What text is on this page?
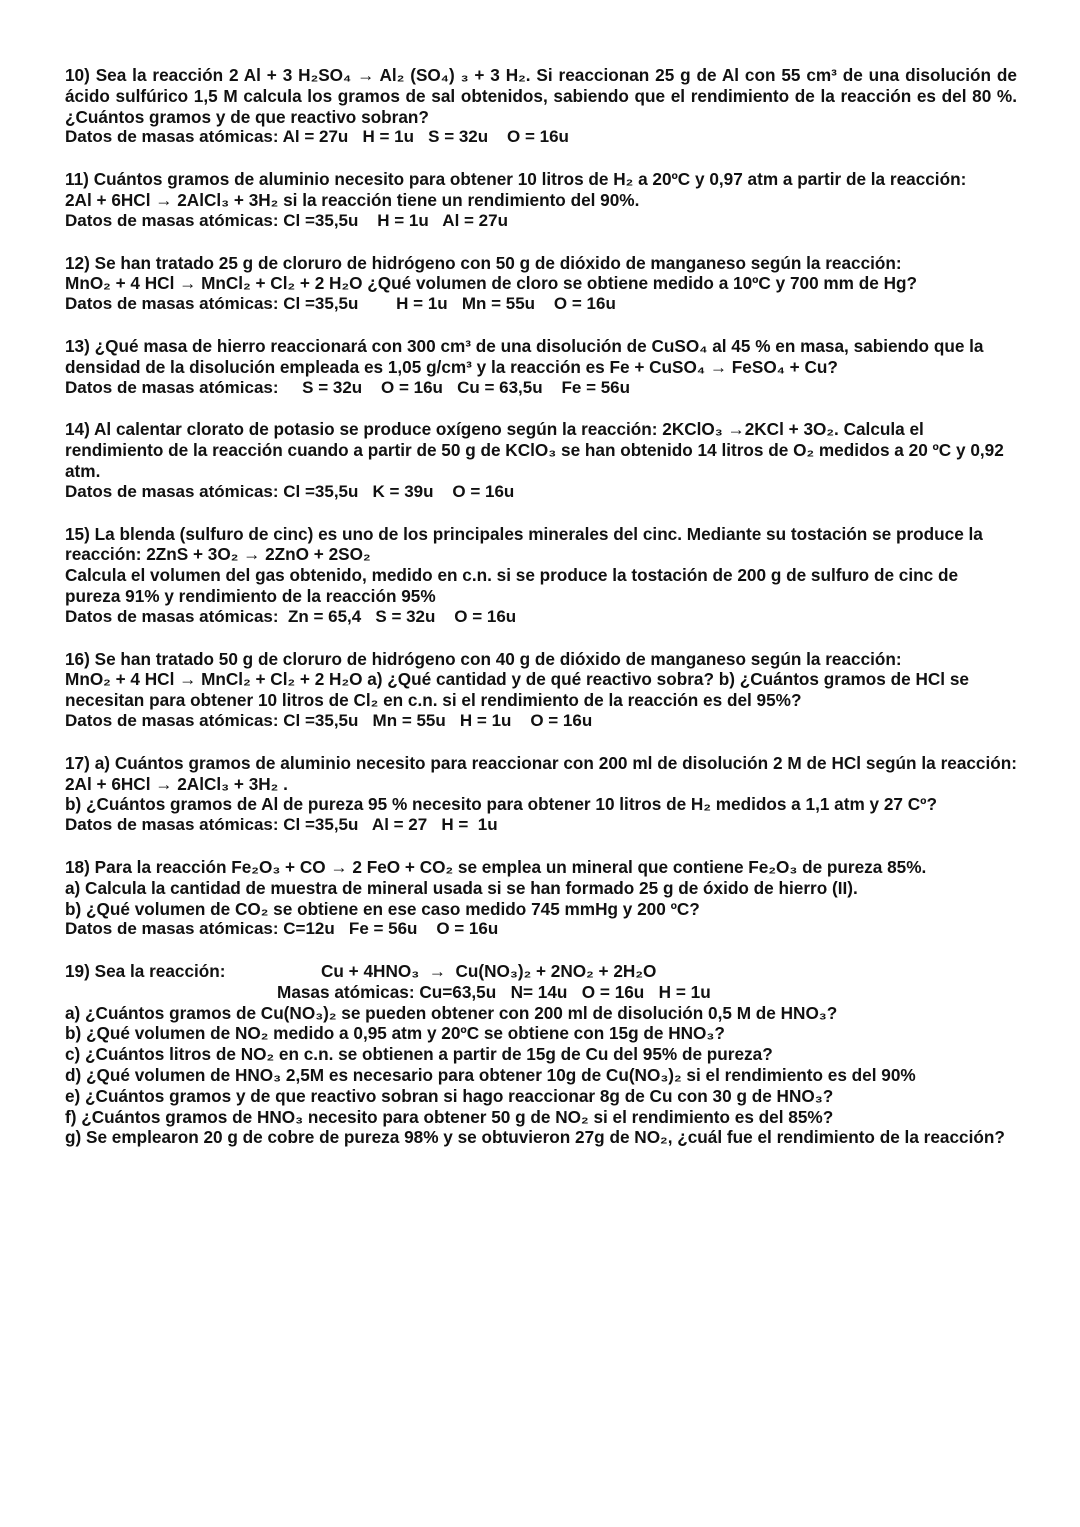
10) Sea la reacción 2 Al + 3 H₂SO₄ → Al₂ (SO₄) ₃ + 3 H₂. Si reaccionan 25 g de Al con 55 cm³ de una disolución de ácido sulfúrico 1,5 M calcula los gramos de sal obtenidos, sabiendo que el rendimiento de la reacción es del 80 %. ¿Cuántos gramos y de que reactivo sobran?

Datos de masas atómicas: Al = 27u   H = 1u   S = 32u    O = 16u

11) Cuántos gramos de aluminio necesito para obtener 10 litros de H₂ a 20ºC y 0,97 atm a partir de la reacción:

2Al + 6HCl → 2AlCl₃ + 3H₂ si la reacción tiene un rendimiento del 90%.

Datos de masas atómicas: Cl =35,5u    H = 1u   Al = 27u

12) Se han tratado 25 g de cloruro de hidrógeno con 50 g de dióxido de manganeso según la reacción:

MnO₂ + 4 HCl → MnCl₂ + Cl₂ + 2 H₂O ¿Qué volumen de cloro se obtiene medido a 10ºC y 700 mm de Hg?

Datos de masas atómicas: Cl =35,5u        H = 1u   Mn = 55u    O = 16u

13) ¿Qué masa de hierro reaccionará con 300 cm³ de una disolución de CuSO₄ al 45 % en masa, sabiendo que la densidad de la disolución empleada es 1,05 g/cm³ y la reacción es Fe + CuSO₄ → FeSO₄ + Cu?

Datos de masas atómicas:     S = 32u    O = 16u   Cu = 63,5u    Fe = 56u

14) Al calentar clorato de potasio se produce oxígeno según la reacción: 2KClO₃ →2KCl + 3O₂. Calcula el rendimiento de la reacción cuando a partir de 50 g de KClO₃ se han obtenido 14 litros de O₂ medidos a 20 ºC y 0,92 atm.

Datos de masas atómicas: Cl =35,5u   K = 39u    O = 16u

15) La blenda (sulfuro de cinc) es uno de los principales minerales del cinc. Mediante su tostación se produce la reacción: 2ZnS + 3O₂ → 2ZnO + 2SO₂

Calcula el volumen del gas obtenido, medido en c.n. si se produce la tostación de 200 g de sulfuro de cinc de pureza 91% y rendimiento de la reacción 95%

Datos de masas atómicas:  Zn = 65,4   S = 32u    O = 16u

16) Se han tratado 50 g de cloruro de hidrógeno con 40 g de dióxido de manganeso según la reacción:

MnO₂ + 4 HCl → MnCl₂ + Cl₂ + 2 H₂O a) ¿Qué cantidad y de qué reactivo sobra? b) ¿Cuántos gramos de HCl se necesitan para obtener 10 litros de Cl₂ en c.n. si el rendimiento de la reacción es del 95%?

Datos de masas atómicas: Cl =35,5u   Mn = 55u   H = 1u    O = 16u

17) a) Cuántos gramos de aluminio necesito para reaccionar con 200 ml de disolución 2 M de HCl según la reacción: 2Al + 6HCl → 2AlCl₃ + 3H₂ .

b) ¿Cuántos gramos de Al de pureza 95 % necesito para obtener 10 litros de H₂ medidos a 1,1 atm y 27 Cº?

Datos de masas atómicas: Cl =35,5u   Al = 27   H =  1u

18) Para la reacción Fe₂O₃ + CO → 2 FeO + CO₂ se emplea un mineral que contiene Fe₂O₃ de pureza 85%.

a) Calcula la cantidad de muestra de mineral usada si se han formado 25 g de óxido de hierro (II).

b) ¿Qué volumen de CO₂ se obtiene en ese caso medido 745 mmHg y 200 ºC?

Datos de masas atómicas: C=12u   Fe = 56u    O = 16u

19) Sea la reacción:	Cu + 4HNO₃  →  Cu(NO₃)₂ + 2NO₂ + 2H₂O

Masas atómicas: Cu=63,5u   N= 14u   O = 16u   H = 1u

a) ¿Cuántos gramos de Cu(NO₃)₂ se pueden obtener con 200 ml de disolución 0,5 M de HNO₃?

b) ¿Qué volumen de NO₂ medido a 0,95 atm y 20ºC se obtiene con 15g de HNO₃?

c) ¿Cuántos litros de NO₂ en c.n. se obtienen a partir de 15g de Cu del 95% de pureza?

d) ¿Qué volumen de HNO₃ 2,5M es necesario para obtener 10g de Cu(NO₃)₂ si el rendimiento es del 90%

e) ¿Cuántos gramos y de que reactivo sobran si hago reaccionar 8g de Cu con 30 g de HNO₃?

f) ¿Cuántos gramos de HNO₃ necesito para obtener 50 g de NO₂ si el rendimiento es del 85%?

g) Se emplearon 20 g de cobre de pureza 98% y se obtuvieron 27g de NO₂, ¿cuál fue el rendimiento de la reacción?
